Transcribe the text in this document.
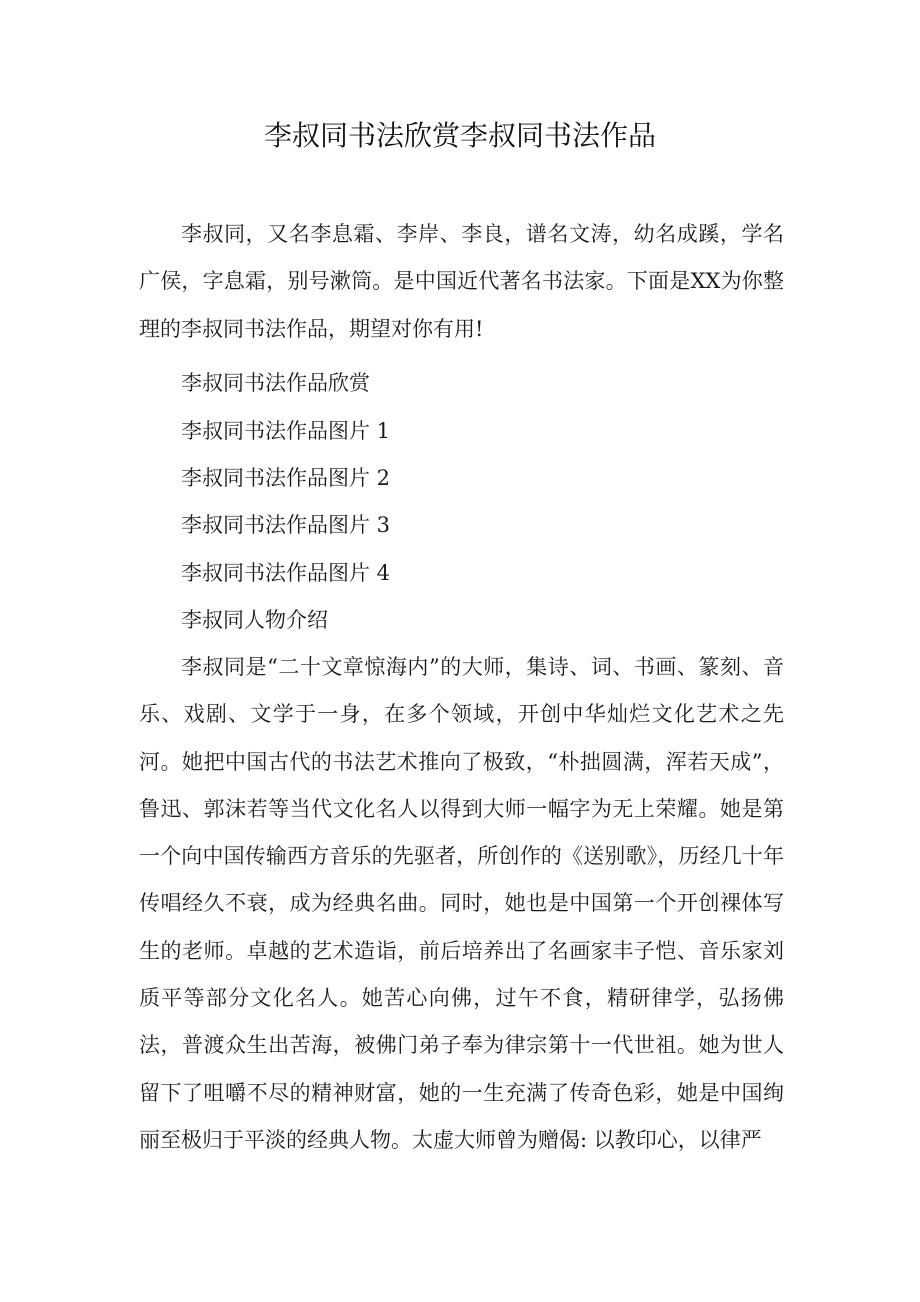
李叔同书法欣赏李叔同书法作品

李叔同，又名李息霜、李岸、李良，谱名文涛，幼名成蹊，学名广侯，字息霜，别号漱筒。是中国近代著名书法家。下面是XX为你整理的李叔同书法作品，期望对你有用!

李叔同书法作品欣赏

李叔同书法作品图片 1

李叔同书法作品图片 2

李叔同书法作品图片 3

李叔同书法作品图片 4

李叔同人物介绍

李叔同是“二十文章惊海内”的大师，集诗、词、书画、篆刻、音乐、戏剧、文学于一身，在多个领域，开创中华灿烂文化艺术之先河。她把中国古代的书法艺术推向了极致，“朴拙圆满，浑若天成”，鲁迅、郭沫若等当代文化名人以得到大师一幅字为无上荣耀。她是第一个向中国传输西方音乐的先驱者，所创作的《送别歌》，历经几十年传唱经久不衰，成为经典名曲。同时，她也是中国第一个开创裸体写生的老师。卓越的艺术造诣，前后培养出了名画家丰子恺、音乐家刘质平等部分文化名人。她苦心向佛，过午不食，精研律学，弘扬佛法，普渡众生出苦海，被佛门弟子奉为律宗第十一代世祖。她为世人留下了咀嚼不尽的精神财富，她的一生充满了传奇色彩，她是中国绚丽至极归于平淡的经典人物。太虚大师曾为赠偈: 以教印心，以律严
